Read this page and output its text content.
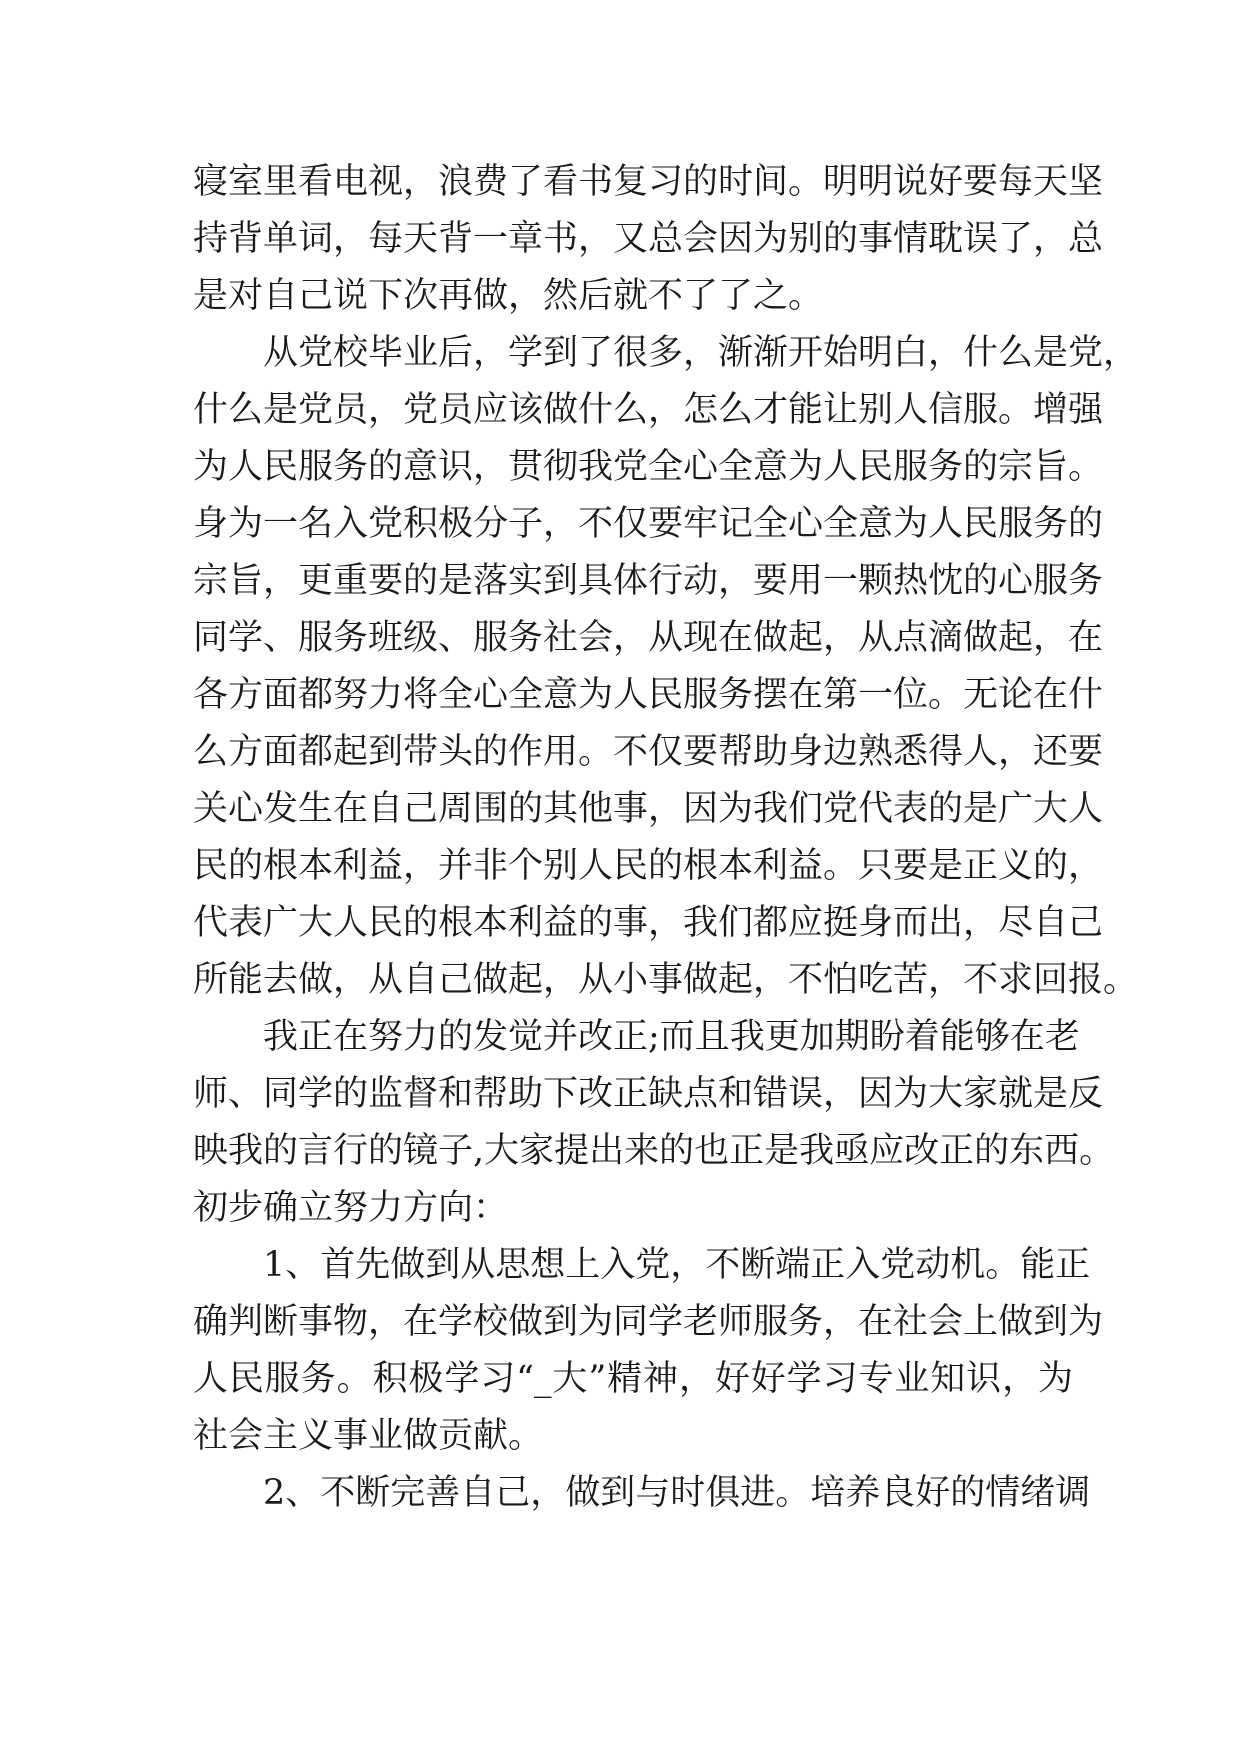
寝室里看电视，浪费了看书复习的时间。明明说好要每天坚
持背单词，每天背一章书，又总会因为别的事情耽误了，总
是对自己说下次再做，然后就不了了之。
从党校毕业后，学到了很多，渐渐开始明白，什么是党，
什么是党员，党员应该做什么，怎么才能让别人信服。增强
为人民服务的意识，贯彻我党全心全意为人民服务的宗旨。
身为一名入党积极分子，不仅要牢记全心全意为人民服务的
宗旨，更重要的是落实到具体行动，要用一颗热忱的心服务
同学、服务班级、服务社会，从现在做起，从点滴做起，在
各方面都努力将全心全意为人民服务摆在第一位。无论在什
么方面都起到带头的作用。不仅要帮助身边熟悉得人，还要
关心发生在自己周围的其他事，因为我们党代表的是广大人
民的根本利益，并非个别人民的根本利益。只要是正义的，
代表广大人民的根本利益的事，我们都应挺身而出，尽自己
所能去做，从自己做起，从小事做起，不怕吃苦，不求回报。
我正在努力的发觉并改正;而且我更加期盼着能够在老
师、同学的监督和帮助下改正缺点和错误，因为大家就是反
映我的言行的镜子,大家提出来的也正是我亟应改正的东西。
初步确立努力方向：
1、首先做到从思想上入党，不断端正入党动机。能正
确判断事物，在学校做到为同学老师服务，在社会上做到为
人民服务。积极学习“_大”精神，好好学习专业知识，为
社会主义事业做贡献。
2、不断完善自己，做到与时俱进。培养良好的情绪调
